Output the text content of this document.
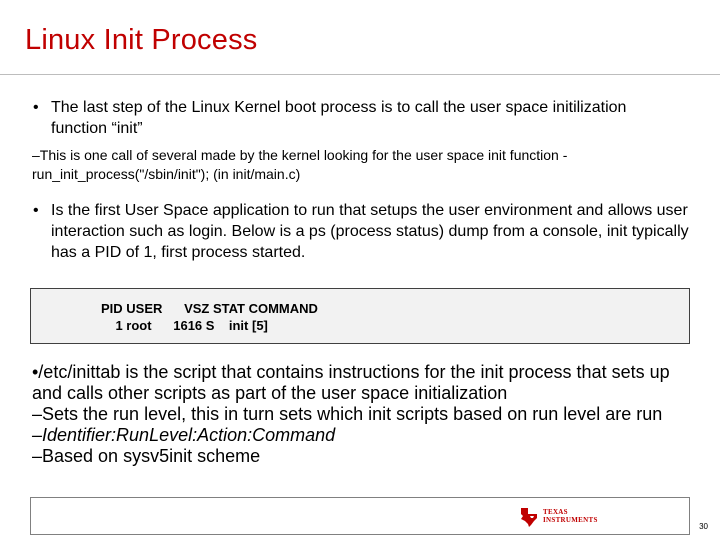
Linux Init Process
• The last step of the Linux Kernel boot process is to call the user space initilization function “init”
–This is one call of several made by the kernel looking for the user space init function - run_init_process("/sbin/init"); (in init/main.c)
• Is the first User Space application to run that setups the user environment and allows user interaction such as login. Below is a ps (process status) dump from a console, init typically has a PID of 1, first process started.
PID USER      VSZ STAT COMMAND
1 root      1616 S    init [5]

•/etc/inittab is the script that contains instructions for the init process that sets up and calls other scripts as part of the user space initialization

–Sets the run level, this in turn sets which init scripts based on run level are run

–Identifier:RunLevel:Action:Command

–Based on sysv5init scheme

TEXAS
INSTRUMENTS
30
